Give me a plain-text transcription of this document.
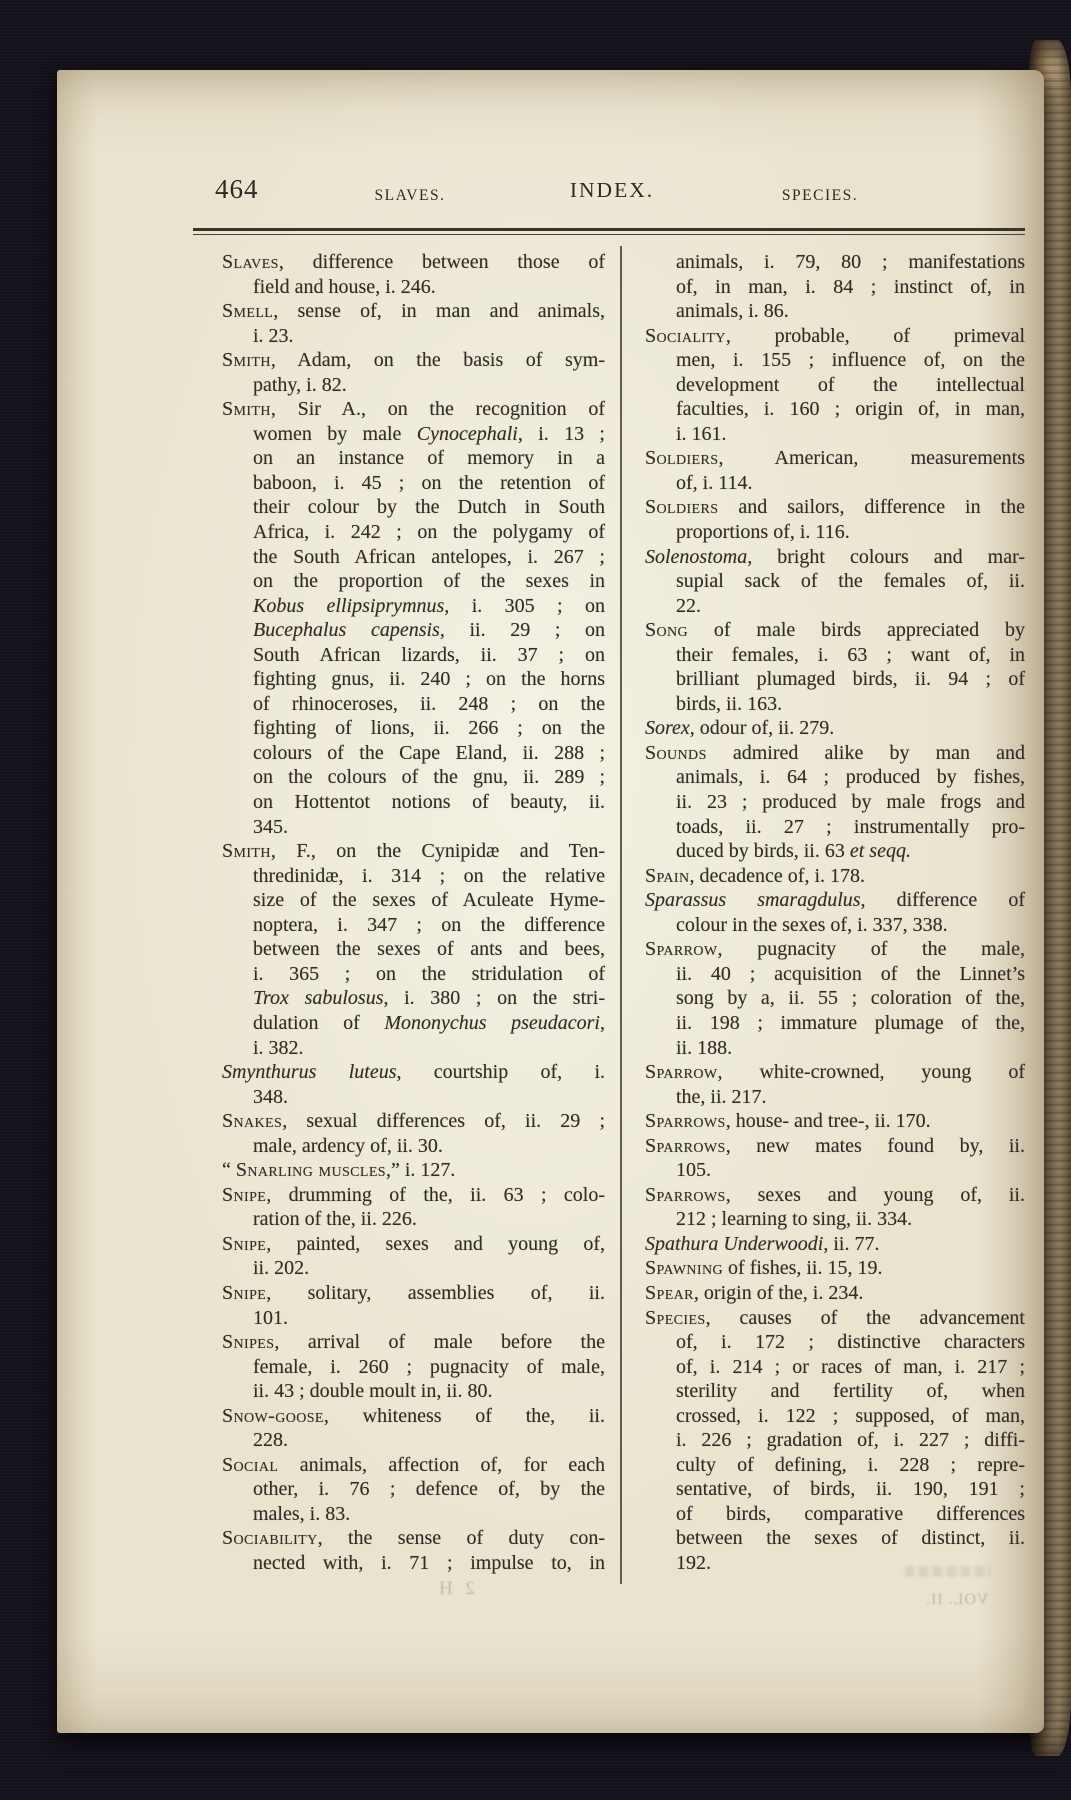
464	SLAVES.	INDEX.	SPECIES.
Slaves, difference between those of
field and house, i. 246.
Smell, sense of, in man and animals,
i. 23.
Smith, Adam, on the basis of sym-
pathy, i. 82.
Smith, Sir A., on the recognition of
women by male Cynocephali, i. 13 ;
on an instance of memory in a
baboon, i. 45 ; on the retention of
their colour by the Dutch in South
Africa, i. 242 ; on the polygamy of
the South African antelopes, i. 267 ;
on the proportion of the sexes in
Kobus ellipsiprymnus, i. 305 ; on
Bucephalus capensis, ii. 29 ; on
South African lizards, ii. 37 ; on
fighting gnus, ii. 240 ; on the horns
of rhinoceroses, ii. 248 ; on the
fighting of lions, ii. 266 ; on the
colours of the Cape Eland, ii. 288 ;
on the colours of the gnu, ii. 289 ;
on Hottentot notions of beauty, ii.
345.
Smith, F., on the Cynipidæ and Ten-
thredinidæ, i. 314 ; on the relative
size of the sexes of Aculeate Hyme-
noptera, i. 347 ; on the difference
between the sexes of ants and bees,
i. 365 ; on the stridulation of
Trox sabulosus, i. 380 ; on the stri-
dulation of Mononychus pseudacori,
i. 382.
Smynthurus luteus, courtship of, i.
348.
Snakes, sexual differences of, ii. 29 ;
male, ardency of, ii. 30.
“ Snarling muscles,” i. 127.
Snipe, drumming of the, ii. 63 ; colo-
ration of the, ii. 226.
Snipe, painted, sexes and young of,
ii. 202.
Snipe, solitary, assemblies of, ii.
101.
Snipes, arrival of male before the
female, i. 260 ; pugnacity of male,
ii. 43 ; double moult in, ii. 80.
Snow-goose, whiteness of the, ii.
228.
Social animals, affection of, for each
other, i. 76 ; defence of, by the
males, i. 83.
Sociability, the sense of duty con-
nected with, i. 71 ; impulse to, in
animals, i. 79, 80 ; manifestations
of, in man, i. 84 ; instinct of, in
animals, i. 86.
Sociality, probable, of primeval
men, i. 155 ; influence of, on the
development of the intellectual
faculties, i. 160 ; origin of, in man,
i. 161.
Soldiers, American, measurements
of, i. 114.
Soldiers and sailors, difference in the
proportions of, i. 116.
Solenostoma, bright colours and mar-
supial sack of the females of, ii.
22.
Song of male birds appreciated by
their females, i. 63 ; want of, in
brilliant plumaged birds, ii. 94 ; of
birds, ii. 163.
Sorex, odour of, ii. 279.
Sounds admired alike by man and
animals, i. 64 ; produced by fishes,
ii. 23 ; produced by male frogs and
toads, ii. 27 ; instrumentally pro-
duced by birds, ii. 63 et seqq.
Spain, decadence of, i. 178.
Sparassus smaragdulus, difference of
colour in the sexes of, i. 337, 338.
Sparrow, pugnacity of the male,
ii. 40 ; acquisition of the Linnet’s
song by a, ii. 55 ; coloration of the,
ii. 198 ; immature plumage of the,
ii. 188.
Sparrow, white-crowned, young of
the, ii. 217.
Sparrows, house- and tree-, ii. 170.
Sparrows, new mates found by, ii.
105.
Sparrows, sexes and young of, ii.
212 ; learning to sing, ii. 334.
Spathura Underwoodi, ii. 77.
Spawning of fishes, ii. 15, 19.
Spear, origin of the, i. 234.
Species, causes of the advancement
of, i. 172 ; distinctive characters
of, i. 214 ; or races of man, i. 217 ;
sterility and fertility of, when
crossed, i. 122 ; supposed, of man,
i. 226 ; gradation of, i. 227 ; diffi-
culty of defining, i. 228 ; repre-
sentative, of birds, ii. 190, 191 ;
of birds, comparative differences
between the sexes of distinct, ii.
192.
2 H
VOL. II.
